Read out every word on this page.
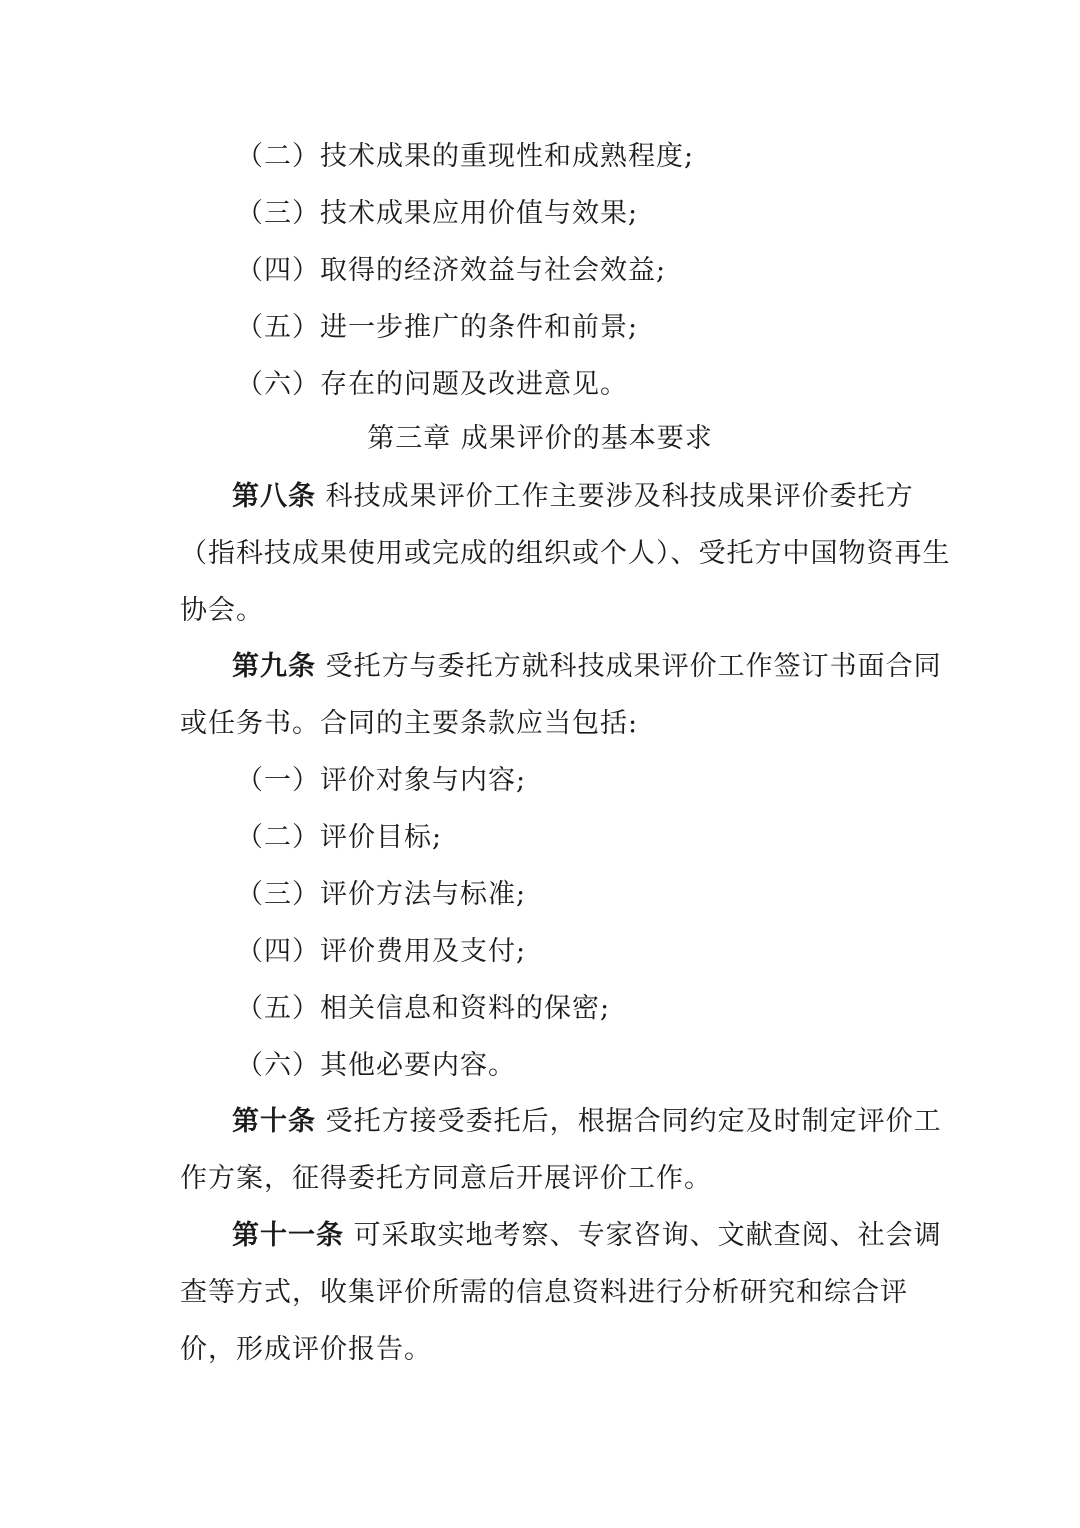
（二）技术成果的重现性和成熟程度;
（三）技术成果应用价值与效果;
（四）取得的经济效益与社会效益;
（五）进一步推广的条件和前景;
（六）存在的问题及改进意见。
第三章 成果评价的基本要求
第八条 科技成果评价工作主要涉及科技成果评价委托方
（指科技成果使用或完成的组织或个人）、受托方中国物资再生
协会。
第九条 受托方与委托方就科技成果评价工作签订书面合同
或任务书。合同的主要条款应当包括:
（一）评价对象与内容;
（二）评价目标;
（三）评价方法与标准;
（四）评价费用及支付;
（五）相关信息和资料的保密;
（六）其他必要内容。
第十条 受托方接受委托后，根据合同约定及时制定评价工
作方案，征得委托方同意后开展评价工作。
第十一条 可采取实地考察、专家咨询、文献查阅、社会调
查等方式，收集评价所需的信息资料进行分析研究和综合评
价，形成评价报告。
